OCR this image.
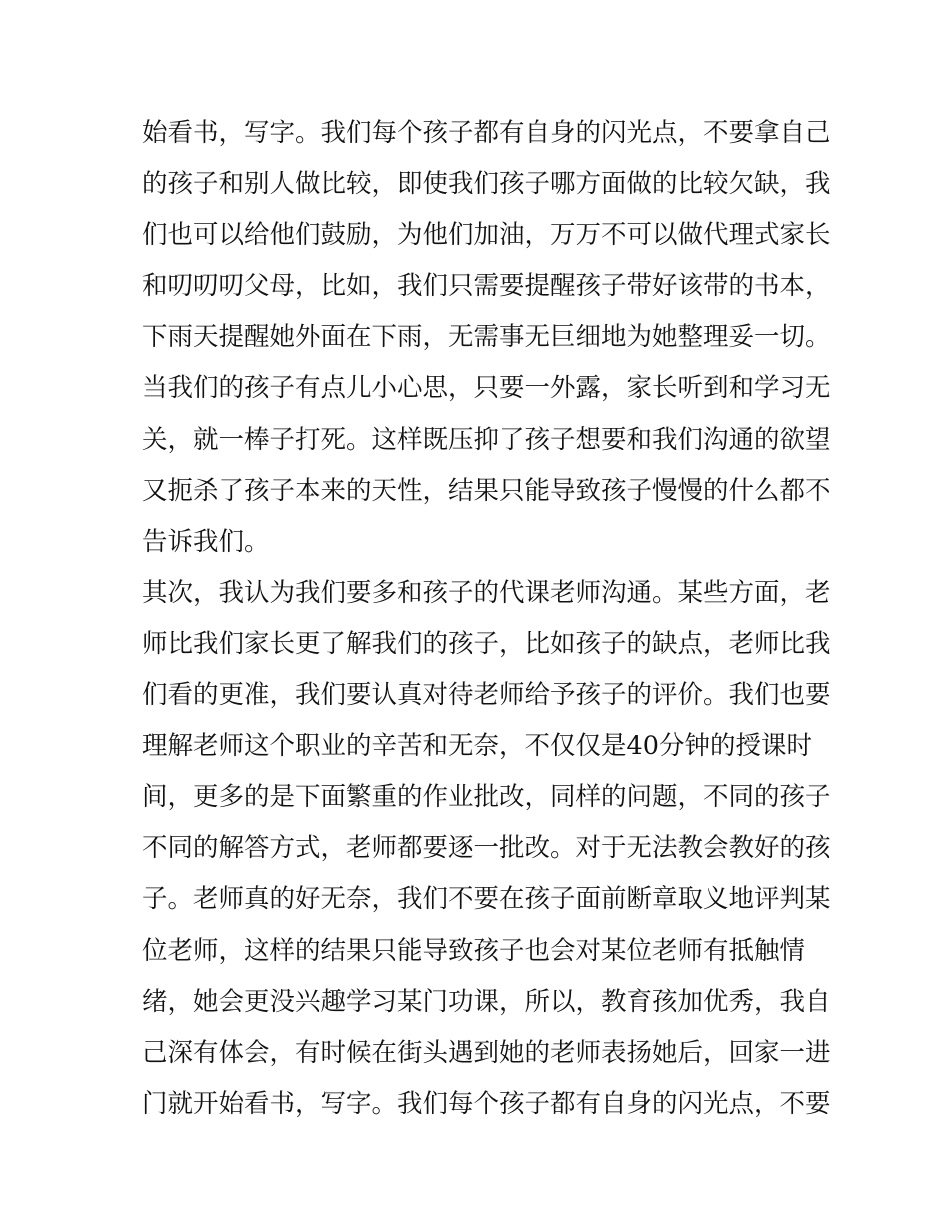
始看书，写字。我们每个孩子都有自身的闪光点，不要拿自己
的孩子和别人做比较，即使我们孩子哪方面做的比较欠缺，我
们也可以给他们鼓励，为他们加油，万万不可以做代理式家长
和叨叨叨父母，比如，我们只需要提醒孩子带好该带的书本，
下雨天提醒她外面在下雨，无需事无巨细地为她整理妥一切。
当我们的孩子有点儿小心思，只要一外露，家长听到和学习无
关，就一棒子打死。这样既压抑了孩子想要和我们沟通的欲望
又扼杀了孩子本来的天性，结果只能导致孩子慢慢的什么都不
告诉我们。
其次，我认为我们要多和孩子的代课老师沟通。某些方面，老
师比我们家长更了解我们的孩子，比如孩子的缺点，老师比我
们看的更准，我们要认真对待老师给予孩子的评价。我们也要
理解老师这个职业的辛苦和无奈，不仅仅是40分钟的授课时
间，更多的是下面繁重的作业批改，同样的问题，不同的孩子
不同的解答方式，老师都要逐一批改。对于无法教会教好的孩
子。老师真的好无奈，我们不要在孩子面前断章取义地评判某
位老师，这样的结果只能导致孩子也会对某位老师有抵触情
绪，她会更没兴趣学习某门功课，所以，教育孩加优秀，我自
己深有体会，有时候在街头遇到她的老师表扬她后，回家一进
门就开始看书，写字。我们每个孩子都有自身的闪光点，不要
